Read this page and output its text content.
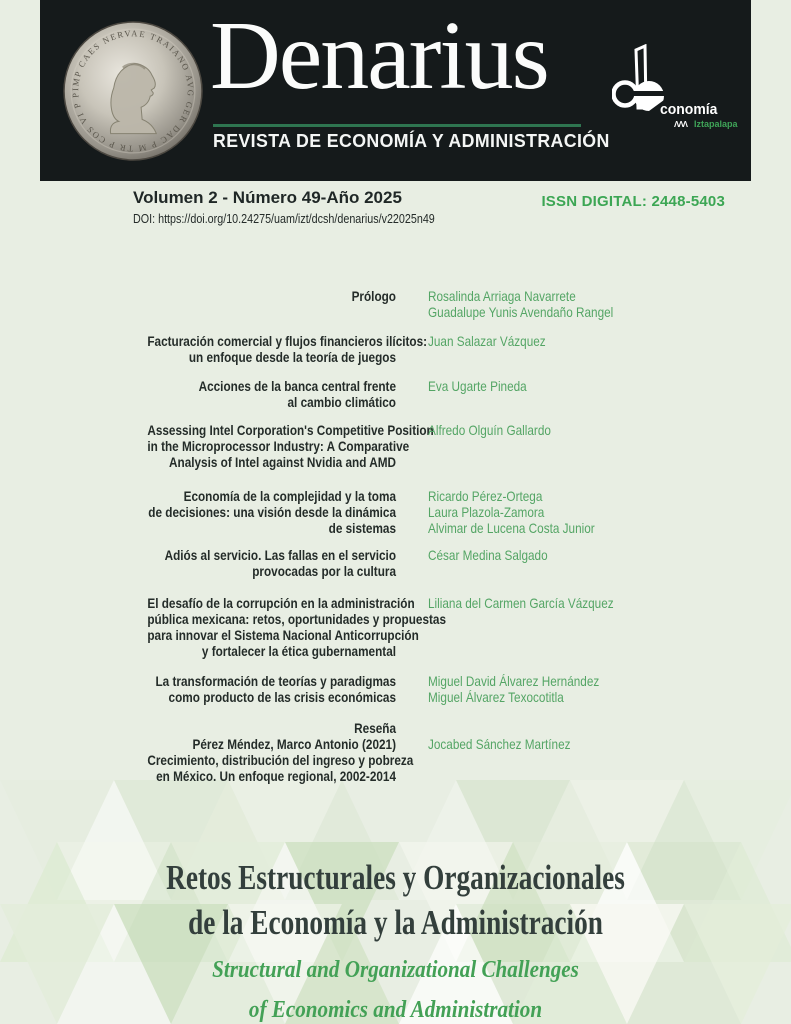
IMP CAES NERVAE TRAIANO AVG GER DAC P M TR P COS VI P P	Denarius
REVISTA DE ECONOMÍA Y ADMINISTRACIÓN
conomía
ΛΛΛ Iztapalapa
Volumen 2 - Número 49-Año 2025
DOI: https://doi.org/10.24275/uam/izt/dcsh/denarius/v22025n49
ISSN DIGITAL: 2448-5403
Prólogo Rosalinda Arriaga Navarrete
Guadalupe Yunis Avendaño Rangel
Facturación comercial y flujos financieros ilícitos:
un enfoque desde la teoría de juegos
Juan Salazar Vázquez
Acciones de la banca central frente
al cambio climático
Eva Ugarte Pineda
Assessing Intel Corporation's Competitive Position
in the Microprocessor Industry: A Comparative
Analysis of Intel against Nvidia and AMD
Alfredo Olguín Gallardo
Economía de la complejidad y la toma
de decisiones: una visión desde la dinámica
de sistemas
Ricardo Pérez-Ortega
Laura Plazola-Zamora
Alvimar de Lucena Costa Junior
Adiós al servicio. Las fallas en el servicio
provocadas por la cultura
César Medina Salgado
El desafío de la corrupción en la administración
pública mexicana: retos, oportunidades y propuestas
para innovar el Sistema Nacional Anticorrupción
y fortalecer la ética gubernamental
Liliana del Carmen García Vázquez
La transformación de teorías y paradigmas
como producto de las crisis económicas
Miguel David Álvarez Hernández
Miguel Álvarez Texocotitla
Reseña
Pérez Méndez, Marco Antonio (2021)
Crecimiento, distribución del ingreso y pobreza
en México. Un enfoque regional, 2002-2014
Jocabed Sánchez Martínez
Retos Estructurales y Organizacionales
de la Economía y la Administración
Structural and Organizational Challenges
of Economics and Administration
